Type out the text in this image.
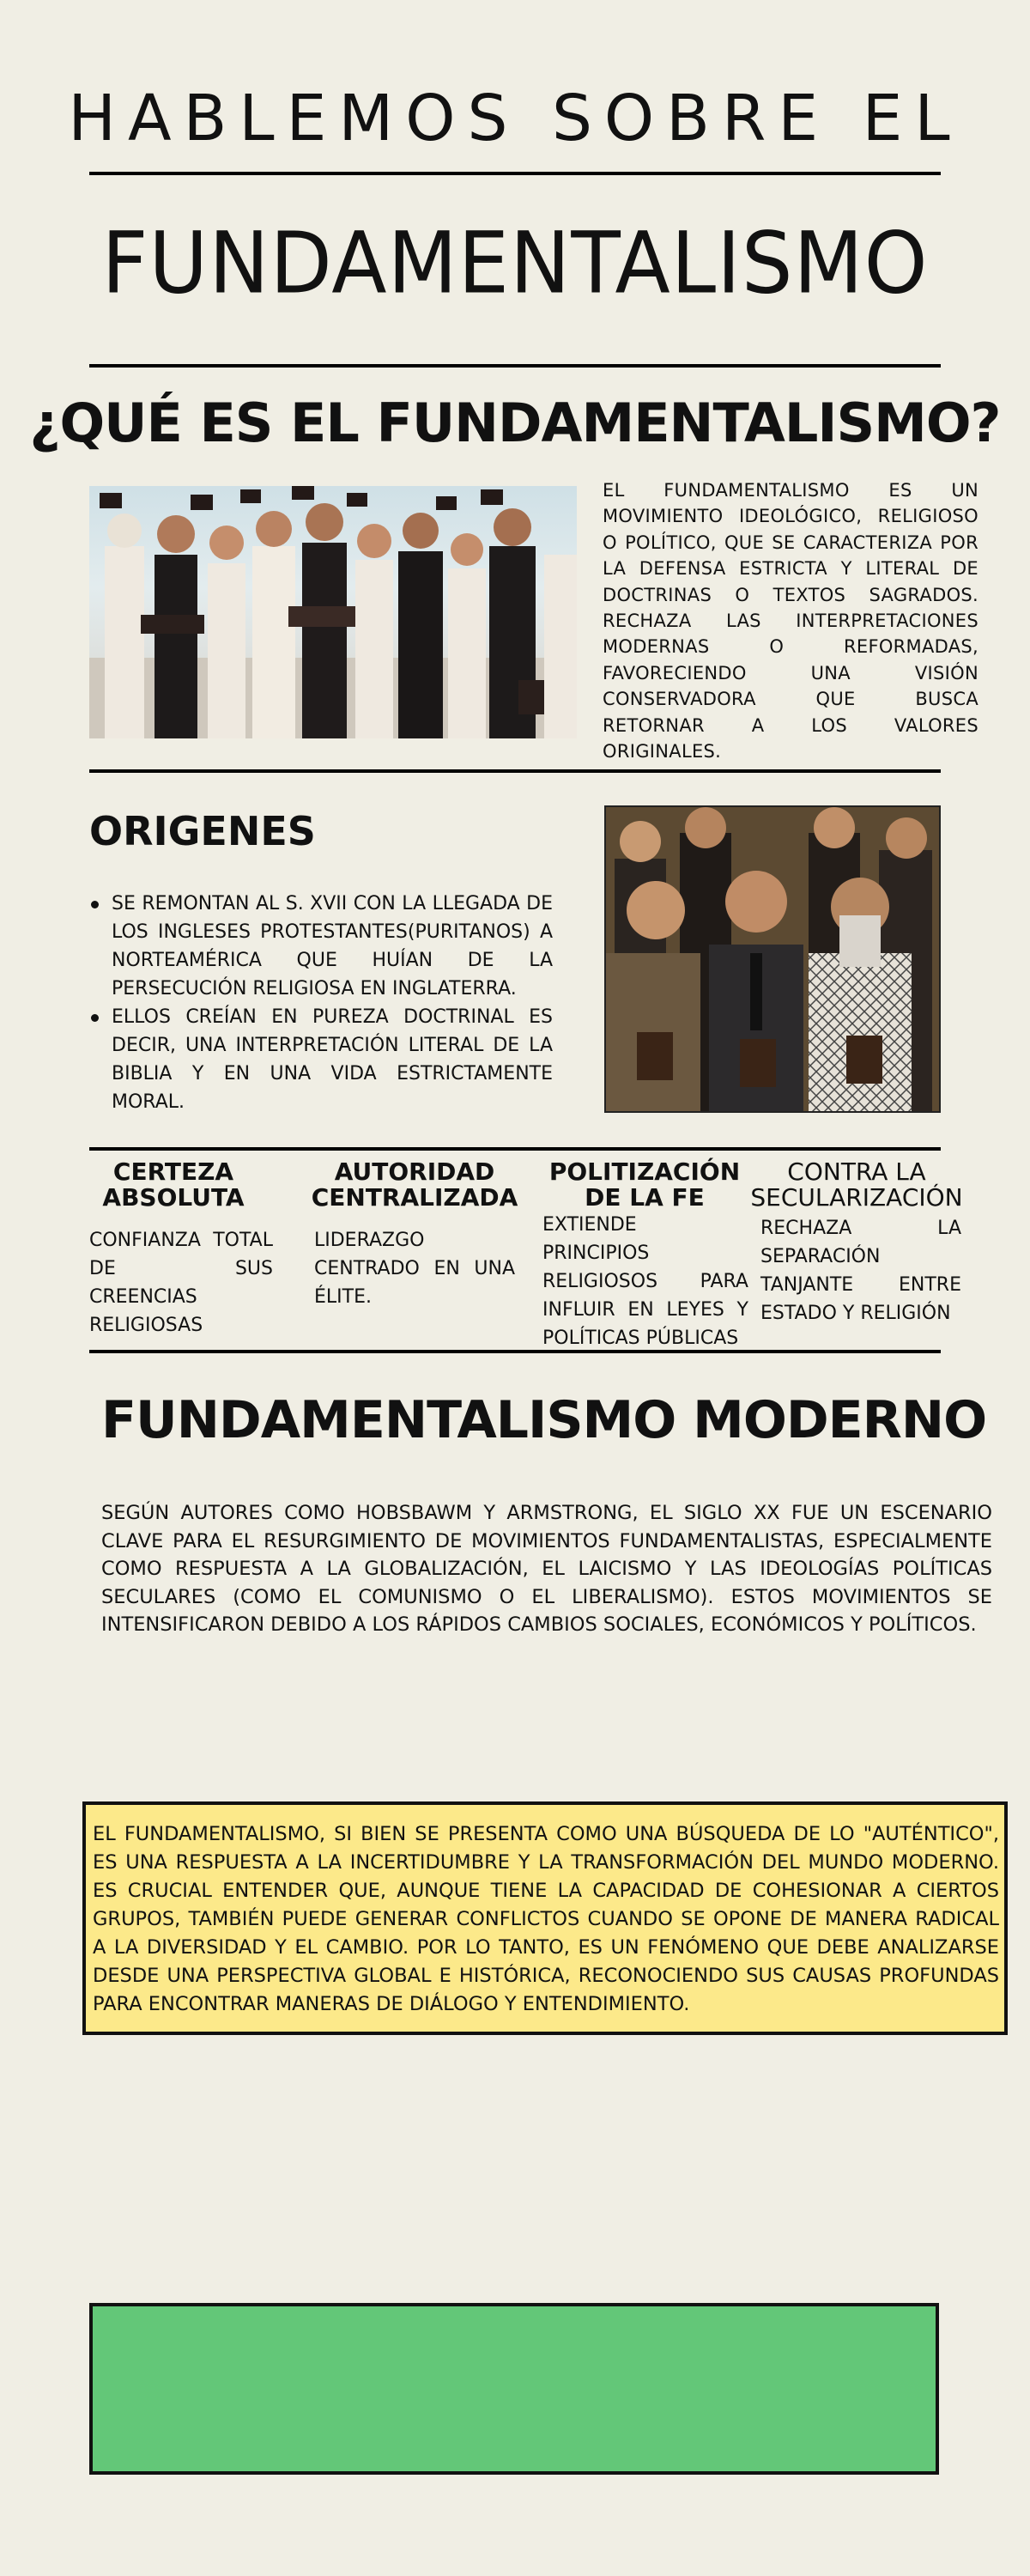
HABLEMOS SOBRE EL
FUNDAMENTALISMO
¿QUÉ ES EL FUNDAMENTALISMO?
EL FUNDAMENTALISMO ES UN MOVIMIENTO IDEOLÓGICO, RELIGIOSO O POLÍTICO, QUE SE CARACTERIZA POR LA DEFENSA ESTRICTA Y LITERAL DE DOCTRINAS O TEXTOS SAGRADOS. RECHAZA LAS INTERPRETACIONES MODERNAS O REFORMADAS, FAVORECIENDO UNA VISIÓN CONSERVADORA QUE BUSCA RETORNAR A LOS VALORES ORIGINALES.
ORIGENES
SE REMONTAN AL S. XVII CON LA LLEGADA DE LOS INGLESES PROTESTANTES(PURITANOS) A NORTEAMÉRICA QUE HUÍAN DE LA PERSECUCIÓN RELIGIOSA EN INGLATERRA.
ELLOS CREÍAN EN PUREZA DOCTRINAL ES DECIR, UNA INTERPRETACIÓN LITERAL DE LA BIBLIA Y EN UNA VIDA ESTRICTAMENTE MORAL.
CERTEZA ABSOLUTA
CONFIANZA TOTAL DE SUS CREENCIAS RELIGIOSAS
AUTORIDAD CENTRALIZADA
LIDERAZGO CENTRADO EN UNA ÉLITE.
POLITIZACIÓN DE LA FE
EXTIENDE PRINCIPIOS RELIGIOSOS PARA INFLUIR EN LEYES Y POLÍTICAS PÚBLICAS
CONTRA LA SECULARIZACIÓN
RECHAZA LA SEPARACIÓN TANJANTE ENTRE ESTADO Y RELIGIÓN
FUNDAMENTALISMO MODERNO
SEGÚN AUTORES COMO HOBSBAWM Y ARMSTRONG, EL SIGLO XX FUE UN ESCENARIO CLAVE PARA EL RESURGIMIENTO DE MOVIMIENTOS FUNDAMENTALISTAS, ESPECIALMENTE COMO RESPUESTA A LA GLOBALIZACIÓN, EL LAICISMO Y LAS IDEOLOGÍAS POLÍTICAS SECULARES (COMO EL COMUNISMO O EL LIBERALISMO). ESTOS MOVIMIENTOS SE INTENSIFICARON DEBIDO A LOS RÁPIDOS CAMBIOS SOCIALES, ECONÓMICOS Y POLÍTICOS.
EL FUNDAMENTALISMO, SI BIEN SE PRESENTA COMO UNA BÚSQUEDA DE LO "AUTÉNTICO", ES UNA RESPUESTA A LA INCERTIDUMBRE Y LA TRANSFORMACIÓN DEL MUNDO MODERNO. ES CRUCIAL ENTENDER QUE, AUNQUE TIENE LA CAPACIDAD DE COHESIONAR A CIERTOS GRUPOS, TAMBIÉN PUEDE GENERAR CONFLICTOS CUANDO SE OPONE DE MANERA RADICAL A LA DIVERSIDAD Y EL CAMBIO. POR LO TANTO, ES UN FENÓMENO QUE DEBE ANALIZARSE DESDE UNA PERSPECTIVA GLOBAL E HISTÓRICA, RECONOCIENDO SUS CAUSAS PROFUNDAS PARA ENCONTRAR MANERAS DE DIÁLOGO Y ENTENDIMIENTO.
